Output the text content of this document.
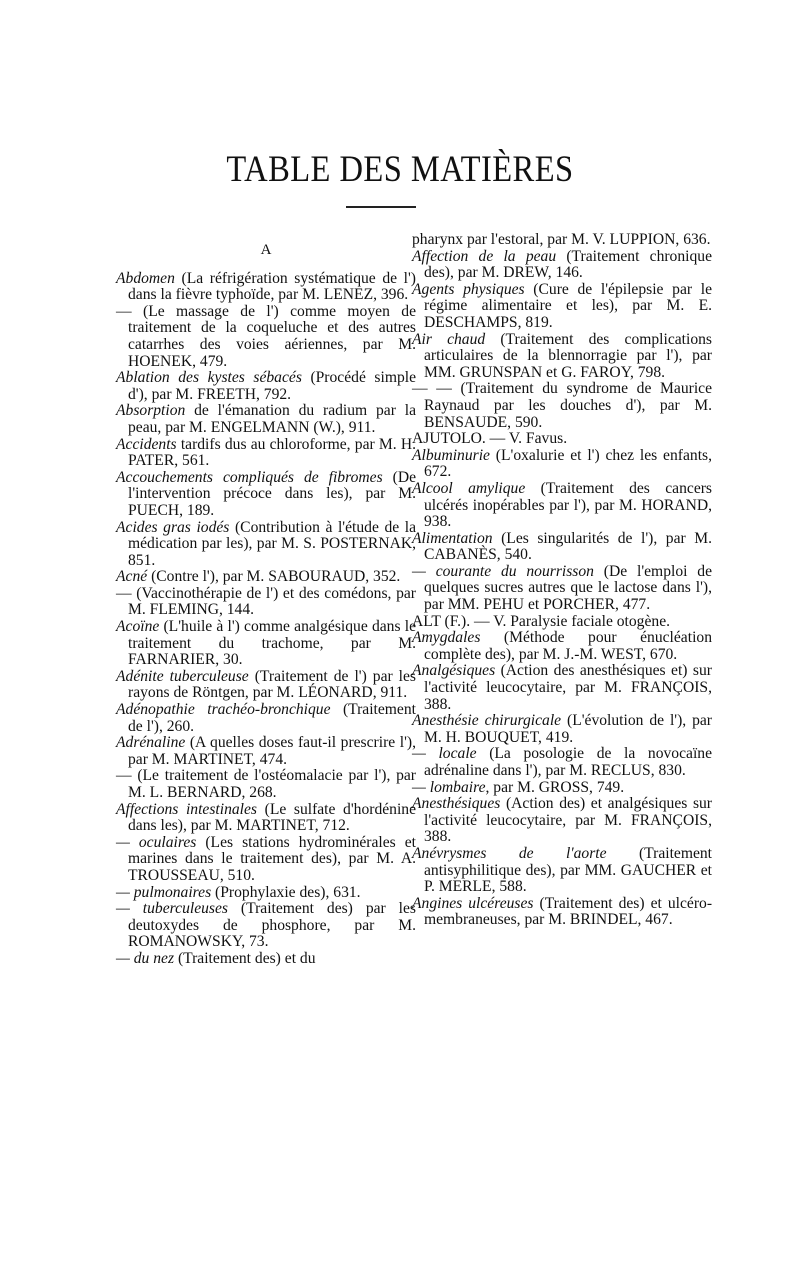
TABLE DES MATIÈRES
A

Abdomen (La réfrigération systématique de l') dans la fièvre typhoïde, par M. LENEZ, 396.

— (Le massage de l') comme moyen de traitement de la coqueluche et des autres catarrhes des voies aériennes, par M. HOENEK, 479.

Ablation des kystes sébacés (Procédé simple d'), par M. FREETH, 792.

Absorption de l'émanation du radium par la peau, par M. ENGELMANN (W.), 911.

Accidents tardifs dus au chloroforme, par M. H. PATER, 561.

Accouchements compliqués de fibromes (De l'intervention précoce dans les), par M. PUECH, 189.

Acides gras iodés (Contribution à l'étude de la médication par les), par M. S. POSTERNAK, 851.

Acné (Contre l'), par M. SABOURAUD, 352.

— (Vaccinothérapie de l') et des comédons, par M. FLEMING, 144.

Acoïne (L'huile à l') comme analgésique dans le traitement du trachome, par M. FARNARIER, 30.

Adénite tuberculeuse (Traitement de l') par les rayons de Röntgen, par M. LÉONARD, 911.

Adénopathie trachéo-bronchique (Traitement de l'), 260.

Adrénaline (A quelles doses faut-il prescrire l'), par M. MARTINET, 474.

— (Le traitement de l'ostéomalacie par l'), par M. L. BERNARD, 268.

Affections intestinales (Le sulfate d'hordénine dans les), par M. MARTINET, 712.

— oculaires (Les stations hydrominérales et marines dans le traitement des), par M. A. TROUSSEAU, 510.

— pulmonaires (Prophylaxie des), 631.

— tuberculeuses (Traitement des) par les deutoxydes de phosphore, par M. ROMANOWSKY, 73.

— du nez (Traitement des) et du

pharynx par l'estoral, par M. V. LUPPION, 636.

Affection de la peau (Traitement chronique des), par M. DREW, 146.

Agents physiques (Cure de l'épilepsie par le régime alimentaire et les), par M. E. DESCHAMPS, 819.

Air chaud (Traitement des complications articulaires de la blennorragie par l'), par MM. GRUNSPAN et G. FAROY, 798.

— — (Traitement du syndrome de Maurice Raynaud par les douches d'), par M. BENSAUDE, 590.

AJUTOLO. — V. Favus.

Albuminurie (L'oxalurie et l') chez les enfants, 672.

Alcool amylique (Traitement des cancers ulcérés inopérables par l'), par M. HORAND, 938.

Alimentation (Les singularités de l'), par M. CABANÈS, 540.

— courante du nourrisson (De l'emploi de quelques sucres autres que le lactose dans l'), par MM. PEHU et PORCHER, 477.

ALT (F.). — V. Paralysie faciale otogène.

Amygdales (Méthode pour énucléation complète des), par M. J.-M. WEST, 670.

Analgésiques (Action des anesthésiques et) sur l'activité leucocytaire, par M. FRANÇOIS, 388.

Anesthésie chirurgicale (L'évolution de l'), par M. H. BOUQUET, 419.

— locale (La posologie de la novocaïne adrénaline dans l'), par M. RECLUS, 830.

— lombaire, par M. GROSS, 749.

Anesthésiques (Action des) et analgésiques sur l'activité leucocytaire, par M. FRANÇOIS, 388.

Anévrysmes de l'aorte (Traitement antisyphilitique des), par MM. GAUCHER et P. MERLE, 588.

Angines ulcéreuses (Traitement des) et ulcéro-membraneuses, par M. BRINDEL, 467.
